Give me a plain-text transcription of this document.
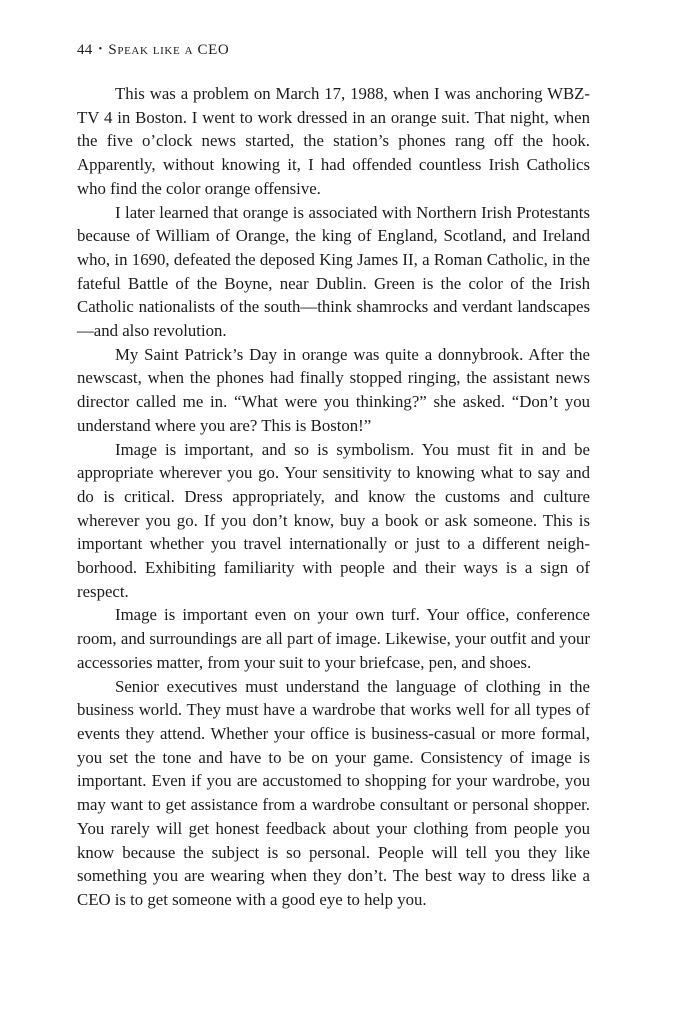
44 • Speak like a CEO

This was a problem on March 17, 1988, when I was anchoring WBZ-TV 4 in Boston. I went to work dressed in an orange suit. That night, when the five o’clock news started, the station’s phones rang off the hook. Apparently, without knowing it, I had offended countless Irish Catholics who find the color orange offensive.

I later learned that orange is associated with Northern Irish Protestants because of William of Orange, the king of England, Scotland, and Ireland who, in 1690, defeated the deposed King James II, a Roman Catholic, in the fateful Battle of the Boyne, near Dublin. Green is the color of the Irish Catholic nationalists of the south—think shamrocks and verdant landscapes—and also revolution.

My Saint Patrick’s Day in orange was quite a donnybrook. After the newscast, when the phones had finally stopped ringing, the assistant news director called me in. “What were you thinking?” she asked. “Don’t you understand where you are? This is Boston!”

Image is important, and so is symbolism. You must fit in and be appropriate wherever you go. Your sensitivity to knowing what to say and do is critical. Dress appropriately, and know the customs and culture wherever you go. If you don’t know, buy a book or ask someone. This is important whether you travel internationally or just to a different neighborhood. Exhibiting familiarity with people and their ways is a sign of respect.

Image is important even on your own turf. Your office, conference room, and surroundings are all part of image. Likewise, your outfit and your accessories matter, from your suit to your briefcase, pen, and shoes.

Senior executives must understand the language of clothing in the business world. They must have a wardrobe that works well for all types of events they attend. Whether your office is business-casual or more formal, you set the tone and have to be on your game. Consistency of image is important. Even if you are accustomed to shopping for your wardrobe, you may want to get assistance from a wardrobe consultant or personal shopper. You rarely will get honest feedback about your clothing from people you know because the subject is so personal. People will tell you they like something you are wearing when they don’t. The best way to dress like a CEO is to get someone with a good eye to help you.
